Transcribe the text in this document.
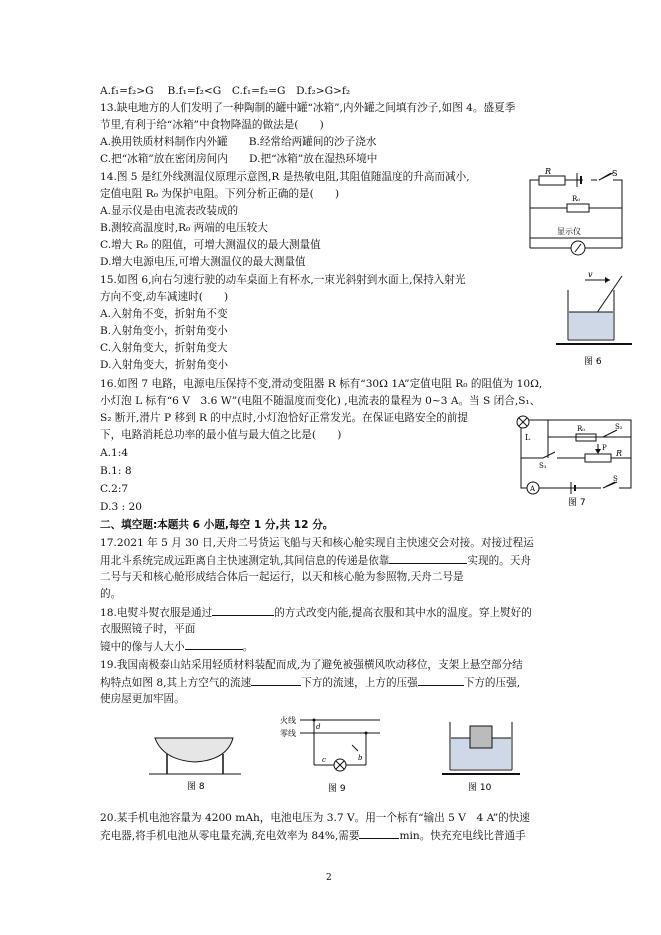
A.f₁=f₂>G　 B.f₁=f₂<G　C.f₁=f₂=G　D.f₂>G>f₂
13.缺电地方的人们发明了一种陶制的罐中罐“冰箱”,内外罐之间填有沙子,如图 4。盛夏季
节里,有利于给“冰箱”中食物降温的做法是(　　)
A.换用铁质材料制作内外罐　　B.经常给两罐间的沙子浇水
C.把“冰箱”放在密闭房间内　　D.把“冰箱”放在湿热环境中
14.图 5 是红外线测温仪原理示意图,R 是热敏电阻,其阻值随温度的升高而减小,
定值电阻 R₀ 为保护电阻。下列分析正确的是(　　)
A.显示仪是由电流表改装成的
B.测较高温度时,R₀ 两端的电压较大
C.增大 R₀ 的阻值，可增大测温仪的最大测量值
D.增大电源电压,可增大测温仪的最大测量值
15.如图 6,向右匀速行驶的动车桌面上有杯水,一束光斜射到水面上,保持入射光
方向不变,动车减速时(　　)
A.入射角不变，折射角不变
B.入射角变小，折射角变小
C.入射角变大，折射角变大
D.入射角变大，折射角变小
16.如图 7 电路，电源电压保持不变,滑动变阻器 R 标有“30Ω 1A”定值电阻 R₀ 的阻值为 10Ω,
小灯泡 L 标有“6 V　3.6 W”(电阻不随温度而变化) ,电流表的量程为 0~3 A。当 S 闭合,S₁、
S₂ 断开,滑片 P 移到 R 的中点时,小灯泡恰好正常发光。在保证电路安全的前提
下，电路消耗总功率的最小值与最大值之比是(　　)
A.1:4
B.1: 8
C.2:7
D.3 : 20
二、填空题:本题共 6 小题,每空 1 分,共 12 分。
17.2021 年 5 月 30 日,天舟二号货运飞船与天和核心舱实现自主快速交会对接。对接过程运
用北斗系统完成远距离自主快速测定轨,其间信息的传递是依靠	实现的。天舟
二号与天和核心舱形成结合体后一起运行，以天和核心舱为参照物,天舟二号是
的。
18.电熨斗熨衣服是通过	的方式改变内能,提高衣服和其中水的温度。穿上熨好的
衣服照镜子时，平面
镜中的像与人大小	。
19.我国南极泰山站采用轻质材料装配而成,为了避免被强横风吹动移位，支架上悬空部分结
构特点如图 8,其上方空气的流速	下方的流速，上方的压强	下方的压强,
使房屋更加牢固。
20.某手机电池容量为 4200 mAh，电池电压为 3.7 V。用一个标有“输出 5 V　4 A”的快速
充电器,将手机电池从零电量充满,充电效率为 84%,需要	min。快充充电线比普通手
R	S
R₀
显示仪
v
图 6
L
R₀	S₂
S₁
R
P
A
S
图 7
图 8
火线
零线
d
c	b
图 9	图 10
2
